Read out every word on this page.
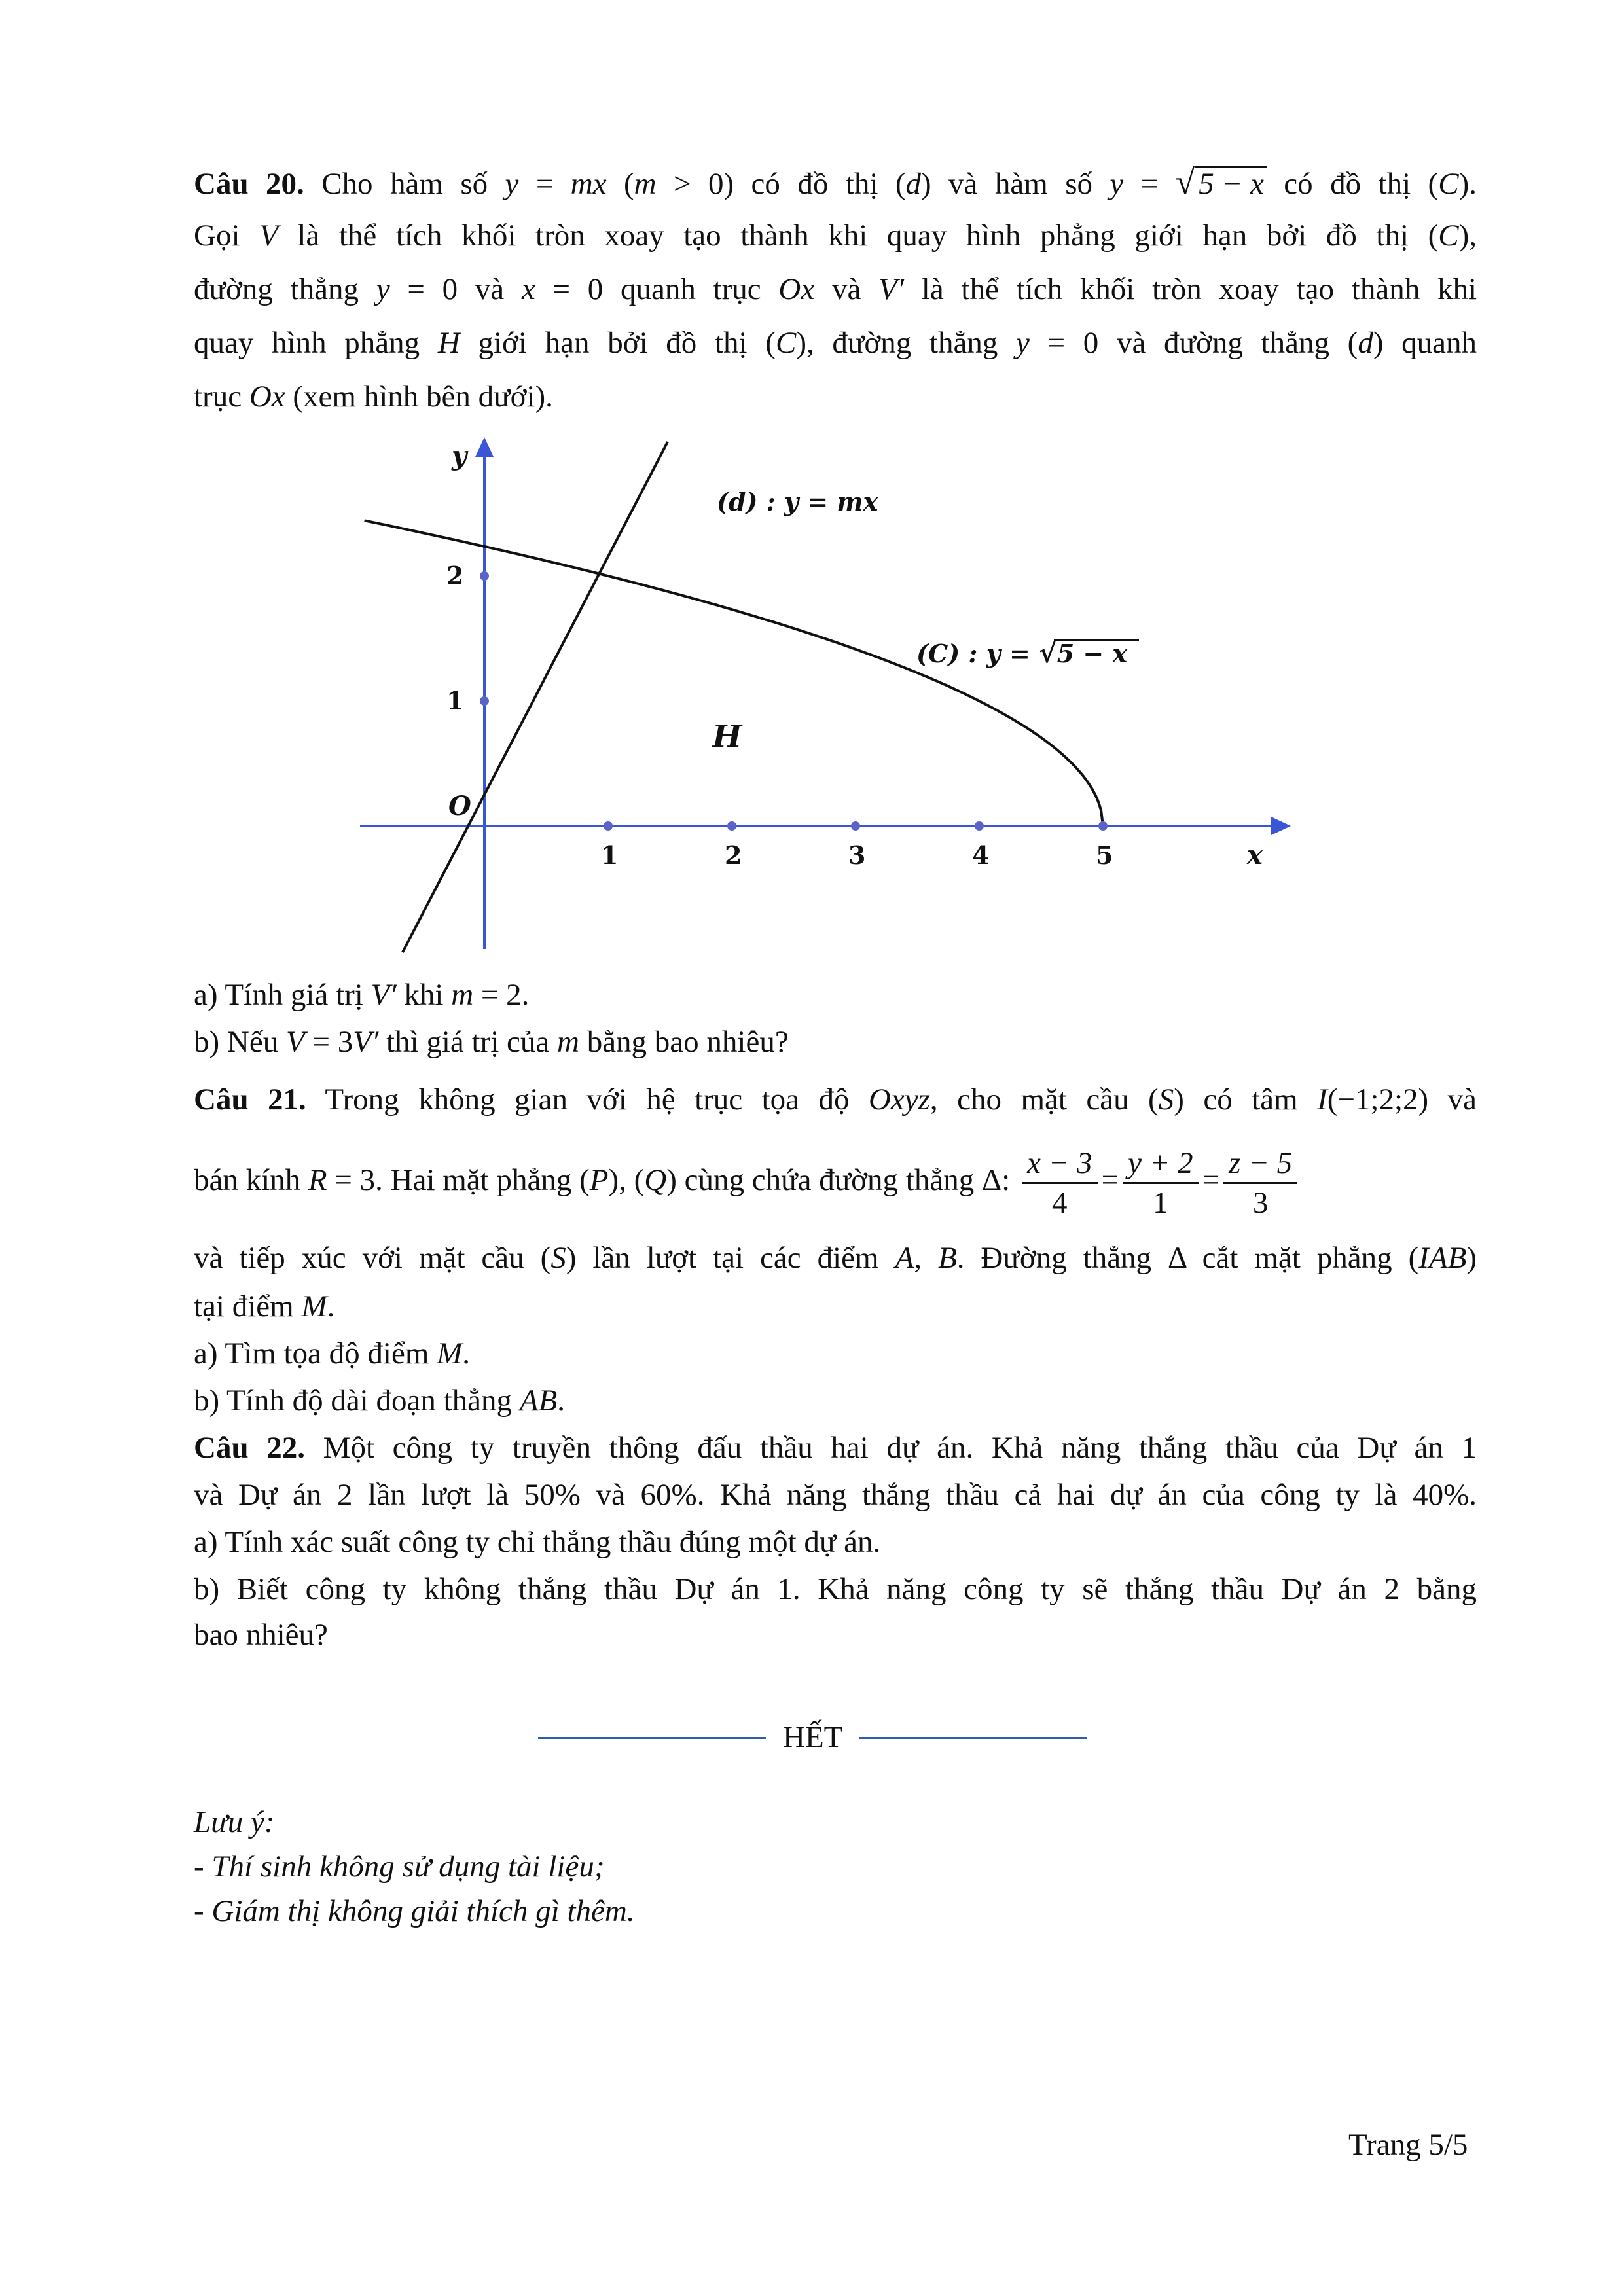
Câu 20. Cho hàm số y = mx (m > 0) có đồ thị (d) và hàm số y = √ 5 − x có đồ thị (C).
Gọi V là thể tích khối tròn xoay tạo thành khi quay hình phẳng giới hạn bởi đồ thị (C),
đường thẳng y = 0 và x = 0 quanh trục Ox và V′ là thể tích khối tròn xoay tạo thành khi
quay hình phẳng H giới hạn bởi đồ thị (C), đường thẳng y = 0 và đường thẳng (d) quanh
trục Ox (xem hình bên dưới).
H
1	2	3	4	5
1
2
y
x
O
(d) : y = mx
(C) : y = √5 − x
a) Tính giá trị V′ khi m = 2.
b) Nếu V = 3V′ thì giá trị của m bằng bao nhiêu?
Câu 21. Trong không gian với hệ trục tọa độ Oxyz, cho mặt cầu (S) có tâm I(−1;2;2) và
bán kính R = 3. Hai mặt phẳng (P), (Q) cùng chứa đường thẳng Δ: $\frac{x - 3}{4} = \frac{y + 2}{1} = \frac{z - 5}{3}$
và tiếp xúc với mặt cầu (S) lần lượt tại các điểm A, B. Đường thẳng Δ cắt mặt phẳng (IAB)
tại điểm M.
a) Tìm tọa độ điểm M.
b) Tính độ dài đoạn thẳng AB.
Câu 22. Một công ty truyền thông đấu thầu hai dự án. Khả năng thắng thầu của Dự án 1
và Dự án 2 lần lượt là 50% và 60%. Khả năng thắng thầu cả hai dự án của công ty là 40%.
a) Tính xác suất công ty chỉ thắng thầu đúng một dự án.
b) Biết công ty không thắng thầu Dự án 1. Khả năng công ty sẽ thắng thầu Dự án 2 bằng
bao nhiêu?
HẾT
Lưu ý:
- Thí sinh không sử dụng tài liệu;
- Giám thị không giải thích gì thêm.
Trang 5/5
